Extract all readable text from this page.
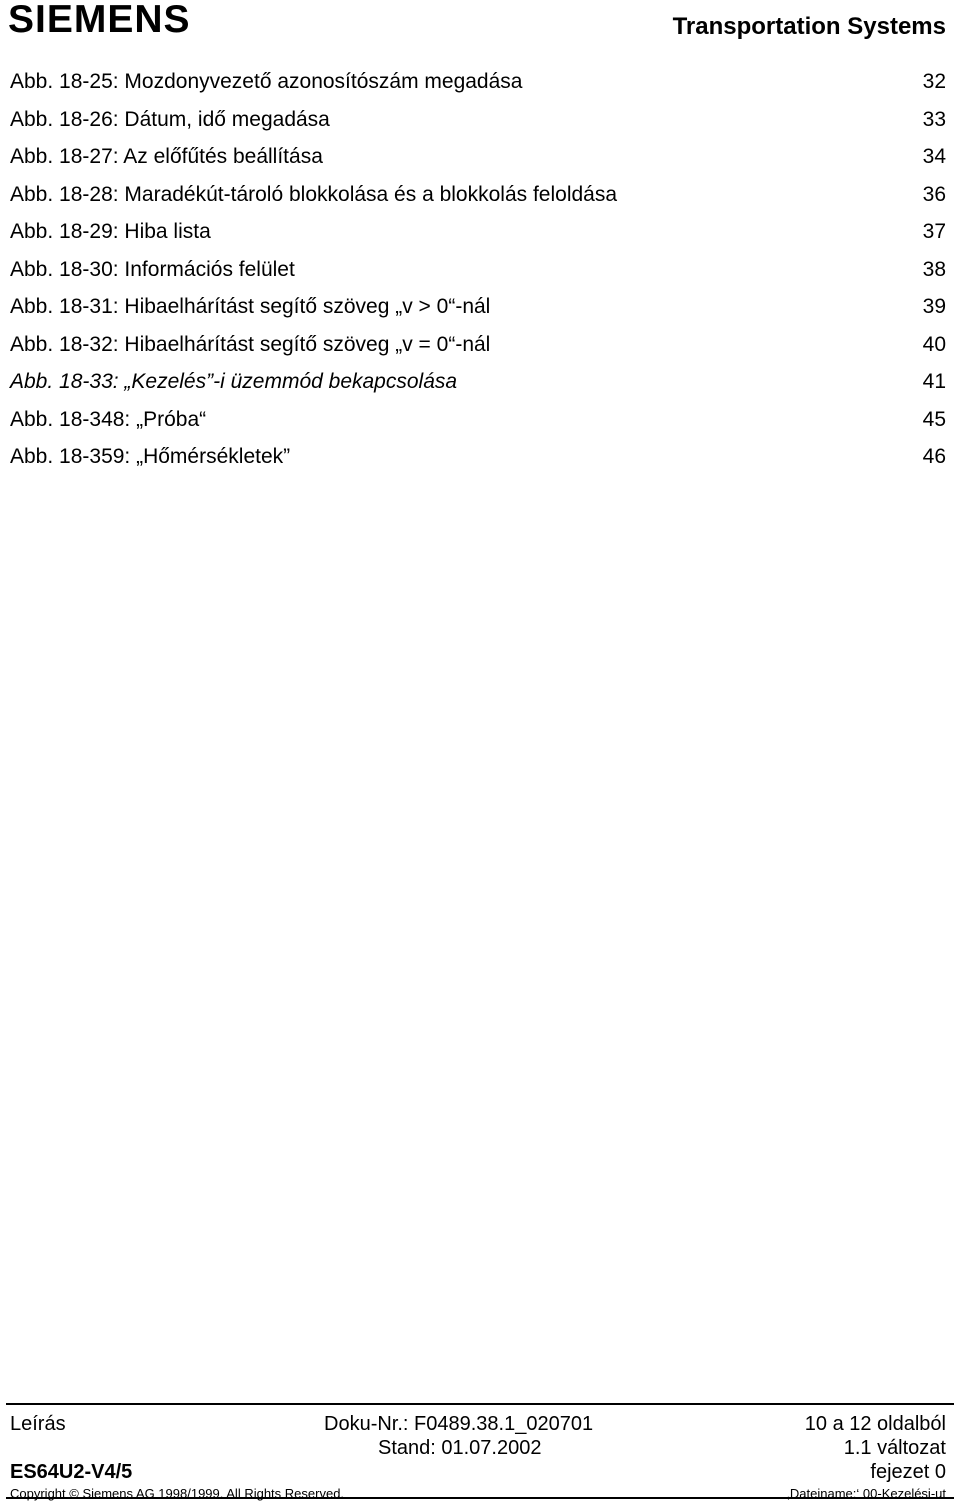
SIEMENS	Transportation Systems
Abb. 18-25: Mozdonyvezető azonosítószám megadása	32
Abb. 18-26: Dátum, idő megadása	33
Abb. 18-27: Az előfűtés beállítása	34
Abb. 18-28: Maradékút-tároló blokkolása és a blokkolás feloldása	36
Abb. 18-29: Hiba lista	37
Abb. 18-30: Információs felület	38
Abb. 18-31: Hibaelhárítást segítő szöveg „v > 0“-nál	39
Abb. 18-32: Hibaelhárítást segítő szöveg „v = 0“-nál	40
Abb. 18-33: „Kezelés”-i üzemmód bekapcsolása	41
Abb. 18-348: „Próba“	45
Abb. 18-359: „Hőmérsékletek”	46
Leírás	Doku-Nr.: F0489.38.1_020701	10 a 12 oldalból
Stand: 01.07.2002	1.1 változat
ES64U2-V4/5	fejezet 0
Copyright © Siemens AG 1998/1999. All Rights Reserved.	‚Dateiname:‘ 00-Kezelési-ut
